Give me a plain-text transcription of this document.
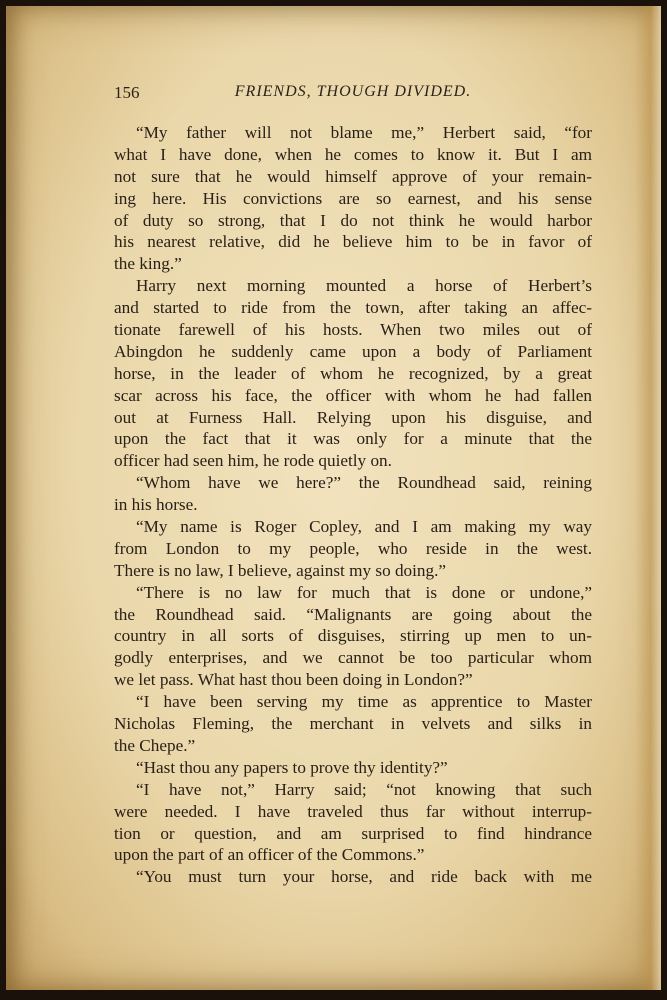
156	FRIENDS, THOUGH DIVIDED.
“My father will not blame me,” Herbert said, “for
what I have done, when he comes to know it. But I am
not sure that he would himself approve of your remain-
ing here. His convictions are so earnest, and his sense
of duty so strong, that I do not think he would harbor
his nearest relative, did he believe him to be in favor of
the king.”
Harry next morning mounted a horse of Herbert’s
and started to ride from the town, after taking an affec-
tionate farewell of his hosts. When two miles out of
Abingdon he suddenly came upon a body of Parliament
horse, in the leader of whom he recognized, by a great
scar across his face, the officer with whom he had fallen
out at Furness Hall. Relying upon his disguise, and
upon the fact that it was only for a minute that the
officer had seen him, he rode quietly on.
“Whom have we here?” the Roundhead said, reining
in his horse.
“My name is Roger Copley, and I am making my way
from London to my people, who reside in the west.
There is no law, I believe, against my so doing.”
“There is no law for much that is done or undone,”
the Roundhead said. “Malignants are going about the
country in all sorts of disguises, stirring up men to un-
godly enterprises, and we cannot be too particular whom
we let pass. What hast thou been doing in London?”
“I have been serving my time as apprentice to Master
Nicholas Fleming, the merchant in velvets and silks in
the Chepe.”
“Hast thou any papers to prove thy identity?”
“I have not,” Harry said; “not knowing that such
were needed. I have traveled thus far without interrup-
tion or question, and am surprised to find hindrance
upon the part of an officer of the Commons.”
“You must turn your horse, and ride back with me
